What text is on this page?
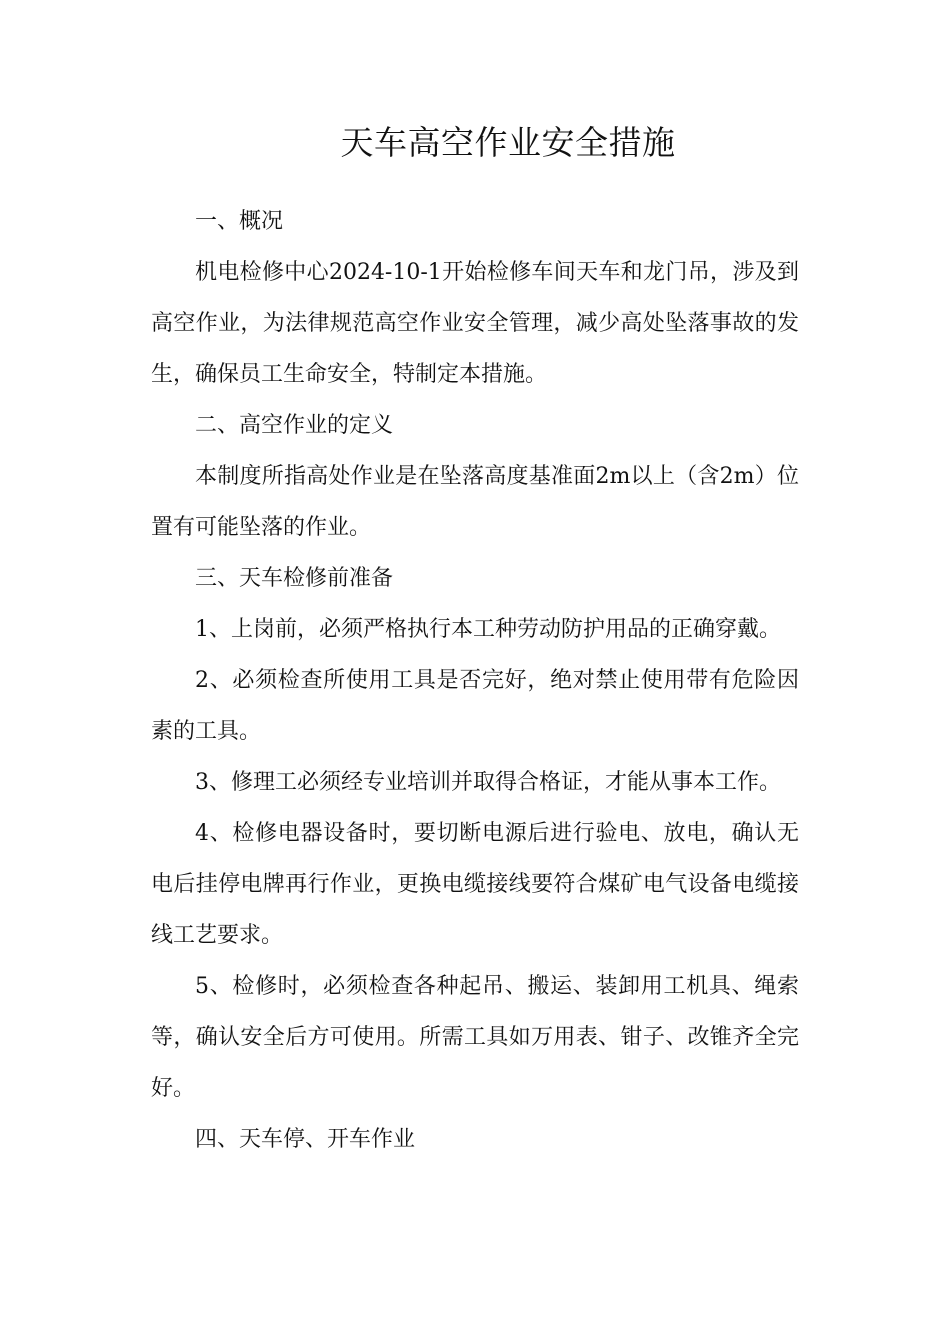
天车高空作业安全措施

一、概况

机电检修中心2024-10-1开始检修车间天车和龙门吊，涉及到高空作业，为法律规范高空作业安全管理，减少高处坠落事故的发生，确保员工生命安全，特制定本措施。

二、高空作业的定义

本制度所指高处作业是在坠落高度基准面2m以上（含2m）位置有可能坠落的作业。

三、天车检修前准备

1、上岗前，必须严格执行本工种劳动防护用品的正确穿戴。

2、必须检查所使用工具是否完好，绝对禁止使用带有危险因素的工具。

3、修理工必须经专业培训并取得合格证，才能从事本工作。

4、检修电器设备时，要切断电源后进行验电、放电，确认无电后挂停电牌再行作业，更换电缆接线要符合煤矿电气设备电缆接线工艺要求。

5、检修时，必须检查各种起吊、搬运、装卸用工机具、绳索等，确认安全后方可使用。所需工具如万用表、钳子、改锥齐全完好。

四、天车停、开车作业
